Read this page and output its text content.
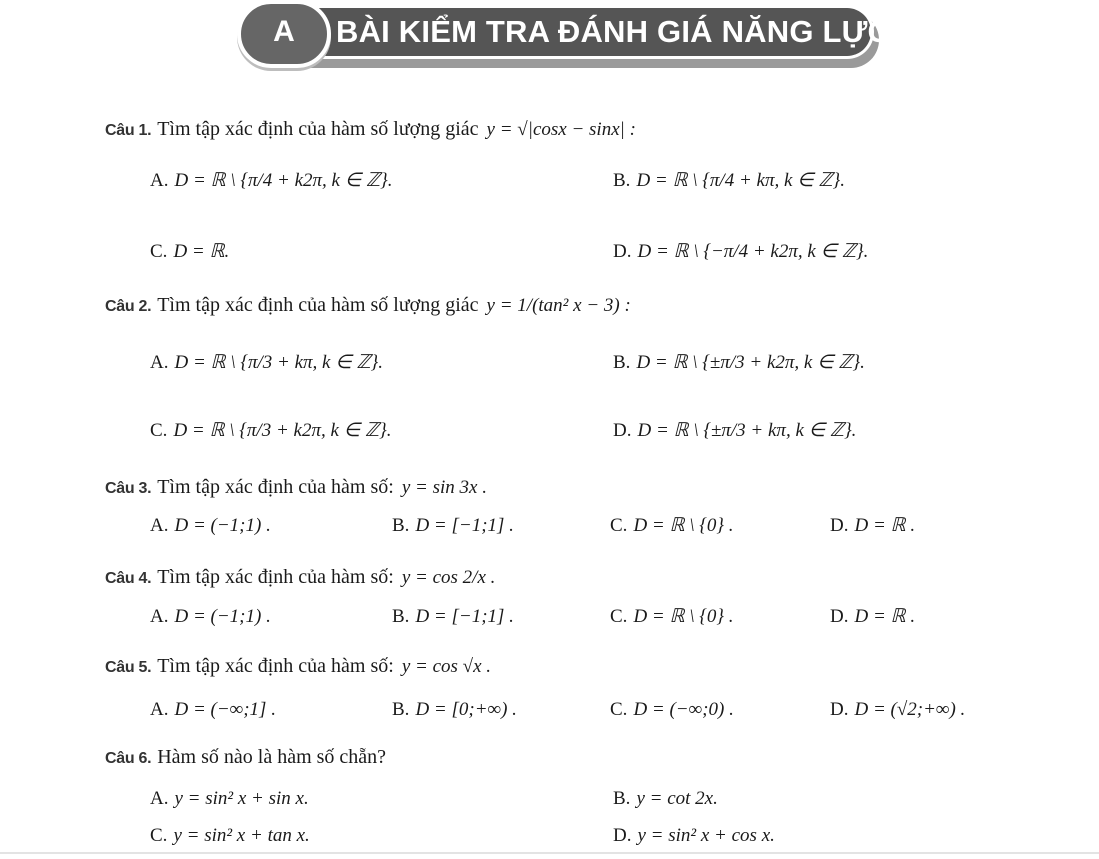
BÀI KIỂM TRA ĐÁNH GIÁ NĂNG LỰC
A
Câu 1. Tìm tập xác định của hàm số lượng giác y = √|cosx − sinx| :
A. D = ℝ \ {π/4 + k2π, k ∈ ℤ}.	B. D = ℝ \ {π/4 + kπ, k ∈ ℤ}.
C. D = ℝ.	D. D = ℝ \ {−π/4 + k2π, k ∈ ℤ}.
Câu 2. Tìm tập xác định của hàm số lượng giác y = 1/(tan² x − 3) :
A. D = ℝ \ {π/3 + kπ, k ∈ ℤ}.	B. D = ℝ \ {±π/3 + k2π, k ∈ ℤ}.
C. D = ℝ \ {π/3 + k2π, k ∈ ℤ}.	D. D = ℝ \ {±π/3 + kπ, k ∈ ℤ}.
Câu 3. Tìm tập xác định của hàm số: y = sin 3x .
A. D = (−1;1) .	B. D = [−1;1] .	C. D = ℝ \ {0} .	D. D = ℝ .
Câu 4. Tìm tập xác định của hàm số: y = cos 2/x .
A. D = (−1;1) .	B. D = [−1;1] .	C. D = ℝ \ {0} .	D. D = ℝ .
Câu 5. Tìm tập xác định của hàm số: y = cos √x .
A. D = (−∞;1] .	B. D = [0;+∞) .	C. D = (−∞;0) .	D. D = (√2;+∞) .
Câu 6. Hàm số nào là hàm số chẵn?
A. y = sin² x + sin x.	B. y = cot 2x.
C. y = sin² x + tan x.	D. y = sin² x + cos x.
